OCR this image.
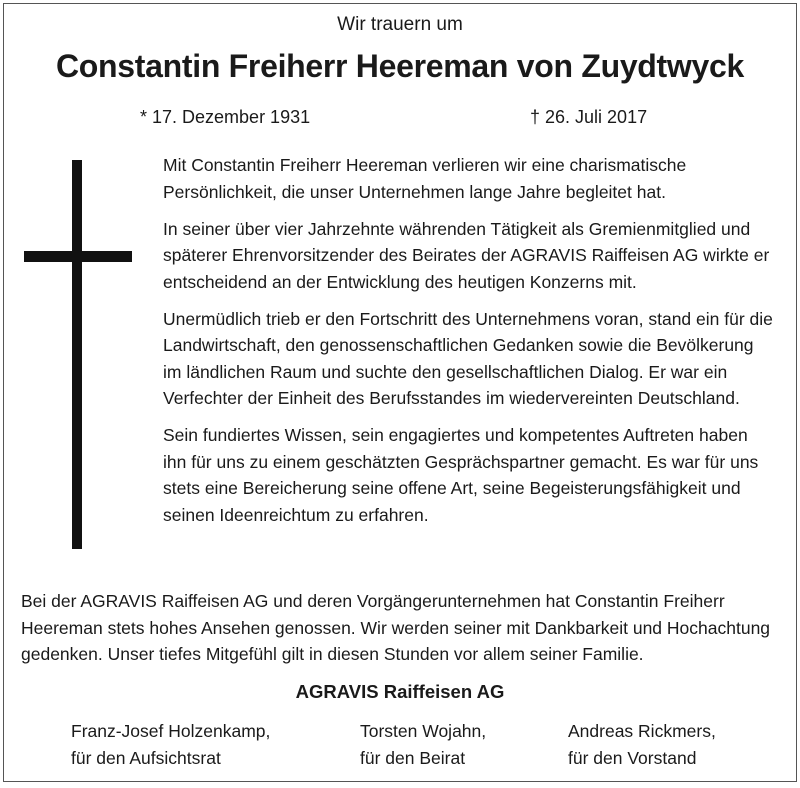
Wir trauern um
Constantin Freiherr Heereman von Zuydtwyck
* 17. Dezember 1931	† 26. Juli 2017

Mit Constantin Freiherr Heereman verlieren wir eine charismatische Persönlichkeit, die unser Unternehmen lange Jahre begleitet hat.

In seiner über vier Jahrzehnte währenden Tätigkeit als Gremienmitglied und späterer Ehrenvorsitzender des Beirates der AGRAVIS Raiffeisen AG wirkte er entscheidend an der Entwicklung des heutigen Konzerns mit.

Unermüdlich trieb er den Fortschritt des Unternehmens voran, stand ein für die Landwirtschaft, den genossenschaftlichen Gedanken sowie die Bevölkerung im ländlichen Raum und suchte den gesellschaftlichen Dialog. Er war ein Verfechter der Einheit des Berufsstandes im wiedervereinten Deutschland.

Sein fundiertes Wissen, sein engagiertes und kompetentes Auftreten haben ihn für uns zu einem geschätzten Gesprächspartner gemacht. Es war für uns stets eine Bereicherung seine offene Art, seine Begeisterungsfähigkeit und seinen Ideenreichtum zu erfahren.

Bei der AGRAVIS Raiffeisen AG und deren Vorgängerunternehmen hat Constantin Freiherr Heereman stets hohes Ansehen genossen. Wir werden seiner mit Dankbarkeit und Hochachtung gedenken. Unser tiefes Mitgefühl gilt in diesen Stunden vor allem seiner Familie.

AGRAVIS Raiffeisen AG
Franz-Josef Holzenkamp,
für den Aufsichtsrat
Torsten Wojahn,
für den Beirat
Andreas Rickmers,
für den Vorstand
